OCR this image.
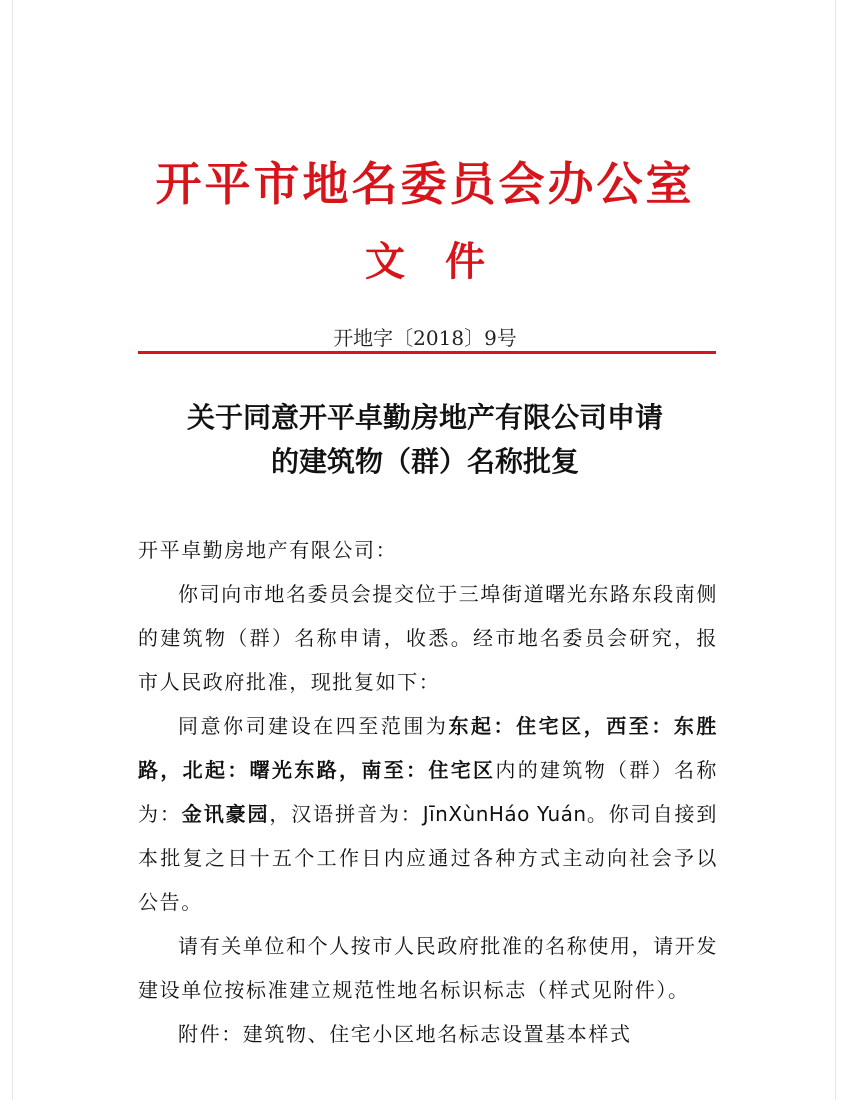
开平市地名委员会办公室
文件
开地字〔2018〕9号
关于同意开平卓勤房地产有限公司申请
的建筑物（群）名称批复
开平卓勤房地产有限公司：
你司向市地名委员会提交位于三埠街道曙光东路东段南侧的建筑物（群）名称申请，收悉。经市地名委员会研究，报市人民政府批准，现批复如下：
同意你司建设在四至范围为东起：住宅区，西至：东胜路，北起：曙光东路，南至：住宅区内的建筑物（群）名称为：金讯豪园，汉语拼音为：JīnXùnHáo Yuán。你司自接到本批复之日十五个工作日内应通过各种方式主动向社会予以公告。
请有关单位和个人按市人民政府批准的名称使用，请开发建设单位按标准建立规范性地名标识标志（样式见附件）。
附件：建筑物、住宅小区地名标志设置基本样式
